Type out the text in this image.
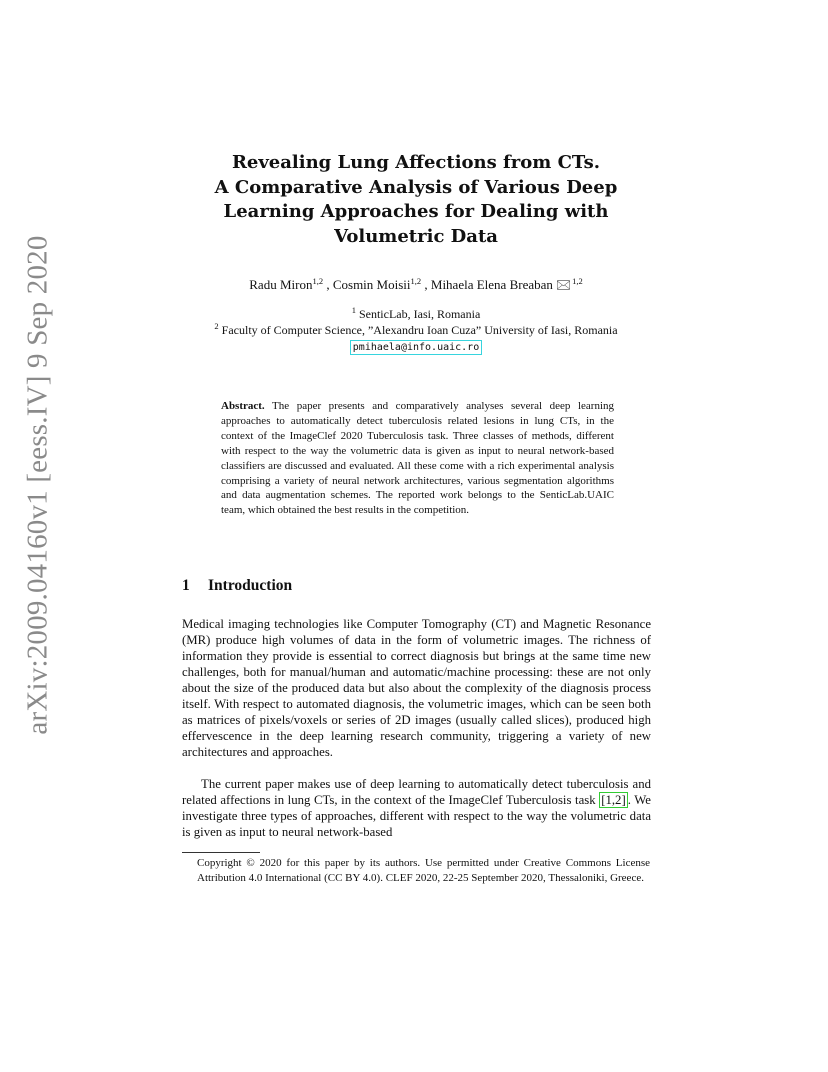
arXiv:2009.04160v1 [eess.IV] 9 Sep 2020
Revealing Lung Affections from CTs.
A Comparative Analysis of Various Deep
Learning Approaches for Dealing with
Volumetric Data
Radu Miron$^{1,2}$ , Cosmin Moisii$^{1,2}$ , Mihaela Elena Breaban 🖂$^{1,2}$
$^1$ SenticLab, Iasi, Romania
$^2$ Faculty of Computer Science, ”Alexandru Ioan Cuza” University of Iasi, Romania
pmihaela@info.uaic.ro
Abstract. The paper presents and comparatively analyses several deep learning approaches to automatically detect tuberculosis related lesions in lung CTs, in the context of the ImageClef 2020 Tuberculosis task. Three classes of methods, different with respect to the way the volumetric data is given as input to neural network-based classifiers are discussed and evaluated. All these come with a rich experimental analysis comprising a variety of neural network architectures, various segmentation algorithms and data augmentation schemes. The reported work belongs to the SenticLab.UAIC team, which obtained the best results in the competition.
1 Introduction
Medical imaging technologies like Computer Tomography (CT) and Magnetic Resonance (MR) produce high volumes of data in the form of volumetric images. The richness of information they provide is essential to correct diagnosis but brings at the same time new challenges, both for manual/human and automatic/machine processing: these are not only about the size of the produced data but also about the complexity of the diagnosis process itself. With respect to automated diagnosis, the volumetric images, which can be seen both as matrices of pixels/voxels or series of 2D images (usually called slices), produced high effervescence in the deep learning research community, triggering a variety of new architectures and approaches.
The current paper makes use of deep learning to automatically detect tuberculosis and related affections in lung CTs, in the context of the ImageClef Tuberculosis task [1,2] . We investigate three types of approaches, different with respect to the way the volumetric data is given as input to neural network-based
Copyright © 2020 for this paper by its authors. Use permitted under Creative Commons License Attribution 4.0 International (CC BY 4.0). CLEF 2020, 22-25 September 2020, Thessaloniki, Greece.
